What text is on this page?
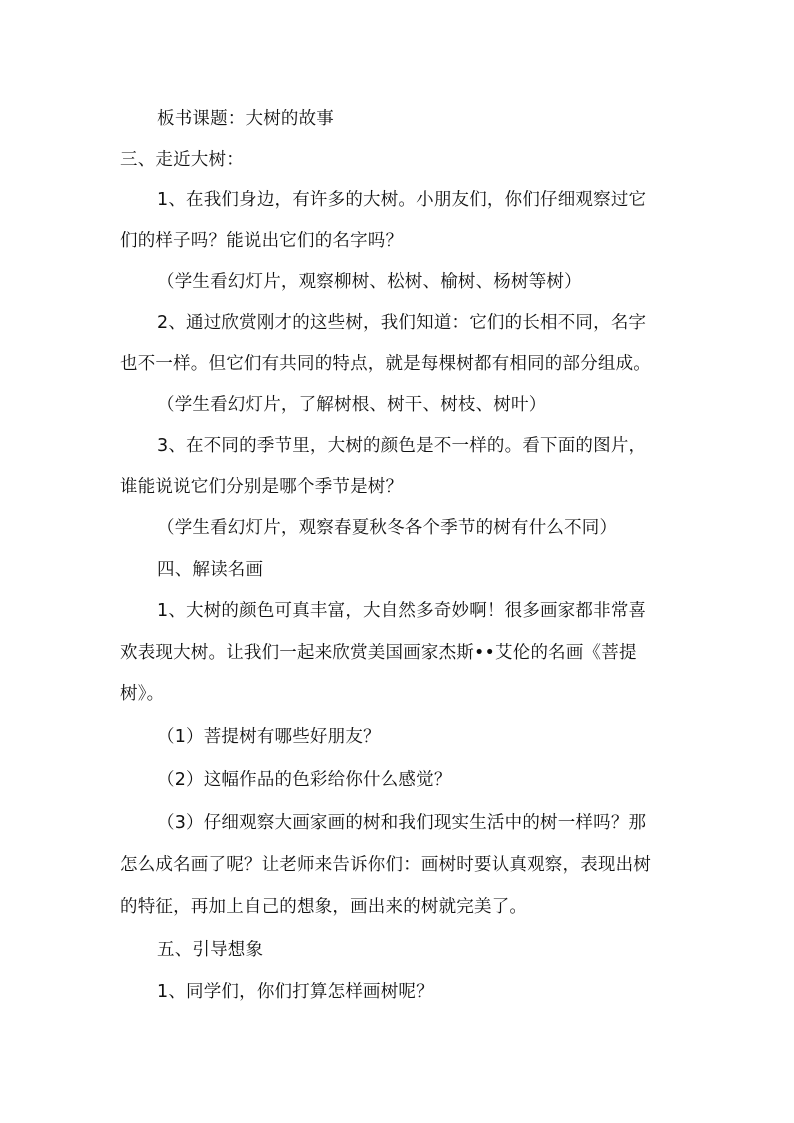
板书课题：大树的故事
三、走近大树：
1、在我们身边，有许多的大树。小朋友们，你们仔细观察过它
们的样子吗？能说出它们的名字吗？
（学生看幻灯片，观察柳树、松树、榆树、杨树等树）
2、通过欣赏刚才的这些树，我们知道：它们的长相不同，名字
也不一样。但它们有共同的特点，就是每棵树都有相同的部分组成。
（学生看幻灯片，了解树根、树干、树枝、树叶）
3、在不同的季节里，大树的颜色是不一样的。看下面的图片，
谁能说说它们分别是哪个季节是树？
（学生看幻灯片，观察春夏秋冬各个季节的树有什么不同）
四、解读名画
1、大树的颜色可真丰富，大自然多奇妙啊！很多画家都非常喜
欢表现大树。让我们一起来欣赏美国画家杰斯••艾伦的名画《菩提
树》。
（1）菩提树有哪些好朋友？
（2）这幅作品的色彩给你什么感觉？
（3）仔细观察大画家画的树和我们现实生活中的树一样吗？那
怎么成名画了呢？让老师来告诉你们：画树时要认真观察，表现出树
的特征，再加上自己的想象，画出来的树就完美了。
五、引导想象
1、同学们，你们打算怎样画树呢？
